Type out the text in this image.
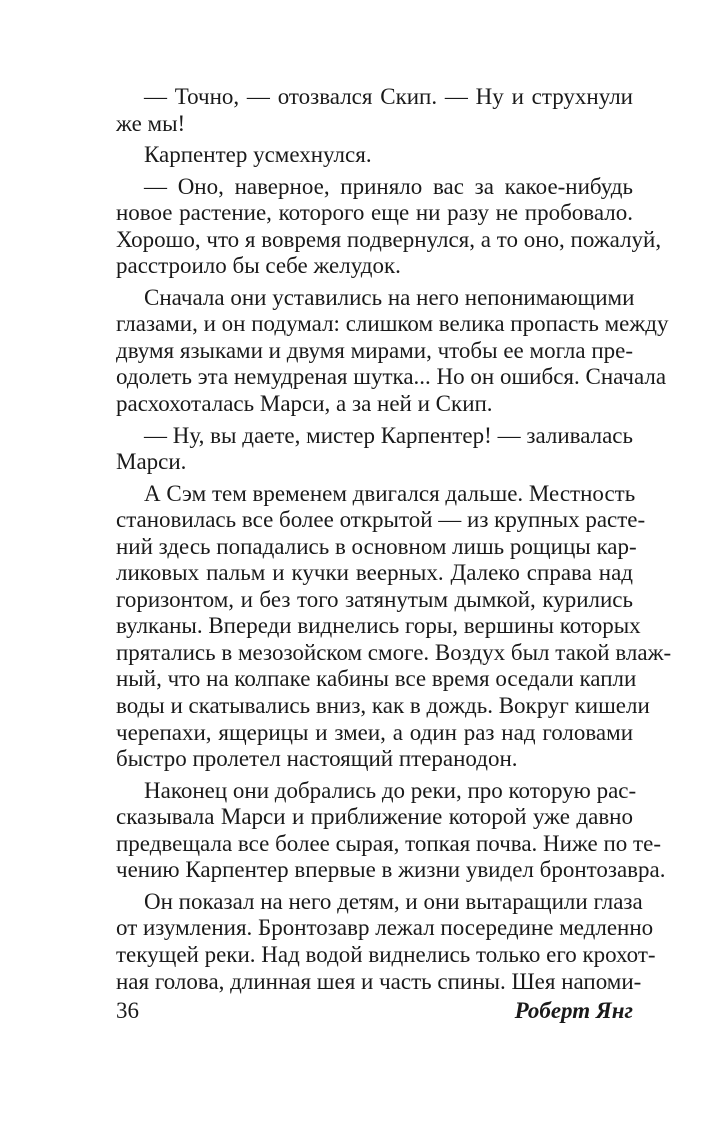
— Точно, — отозвался Скип. — Ну и струхнули
же мы!
Карпентер усмехнулся.
— Оно, наверное, приняло вас за какое-нибудь
новое растение, которого еще ни разу не пробовало.
Хорошо, что я вовремя подвернулся, а то оно, пожалуй,
расстроило бы себе желудок.
Сначала они уставились на него непонимающими
глазами, и он подумал: слишком велика пропасть между
двумя языками и двумя мирами, чтобы ее могла пре-
одолеть эта немудреная шутка... Но он ошибся. Сначала
расхохоталась Марси, а за ней и Скип.
— Ну, вы даете, мистер Карпентер! — заливалась
Марси.
А Сэм тем временем двигался дальше. Местность
становилась все более открытой — из крупных расте-
ний здесь попадались в основном лишь рощицы кар-
ликовых пальм и кучки веерных. Далеко справа над
горизонтом, и без того затянутым дымкой, курились
вулканы. Впереди виднелись горы, вершины которых
прятались в мезозойском смоге. Воздух был такой влаж-
ный, что на колпаке кабины все время оседали капли
воды и скатывались вниз, как в дождь. Вокруг кишели
черепахи, ящерицы и змеи, а один раз над головами
быстро пролетел настоящий птеранодон.
Наконец они добрались до реки, про которую рас-
сказывала Марси и приближение которой уже давно
предвещала все более сырая, топкая почва. Ниже по те-
чению Карпентер впервые в жизни увидел бронтозавра.
Он показал на него детям, и они вытаращили глаза
от изумления. Бронтозавр лежал посередине медленно
текущей реки. Над водой виднелись только его крохот-
ная голова, длинная шея и часть спины. Шея напоми-
36	Роберт Янг
